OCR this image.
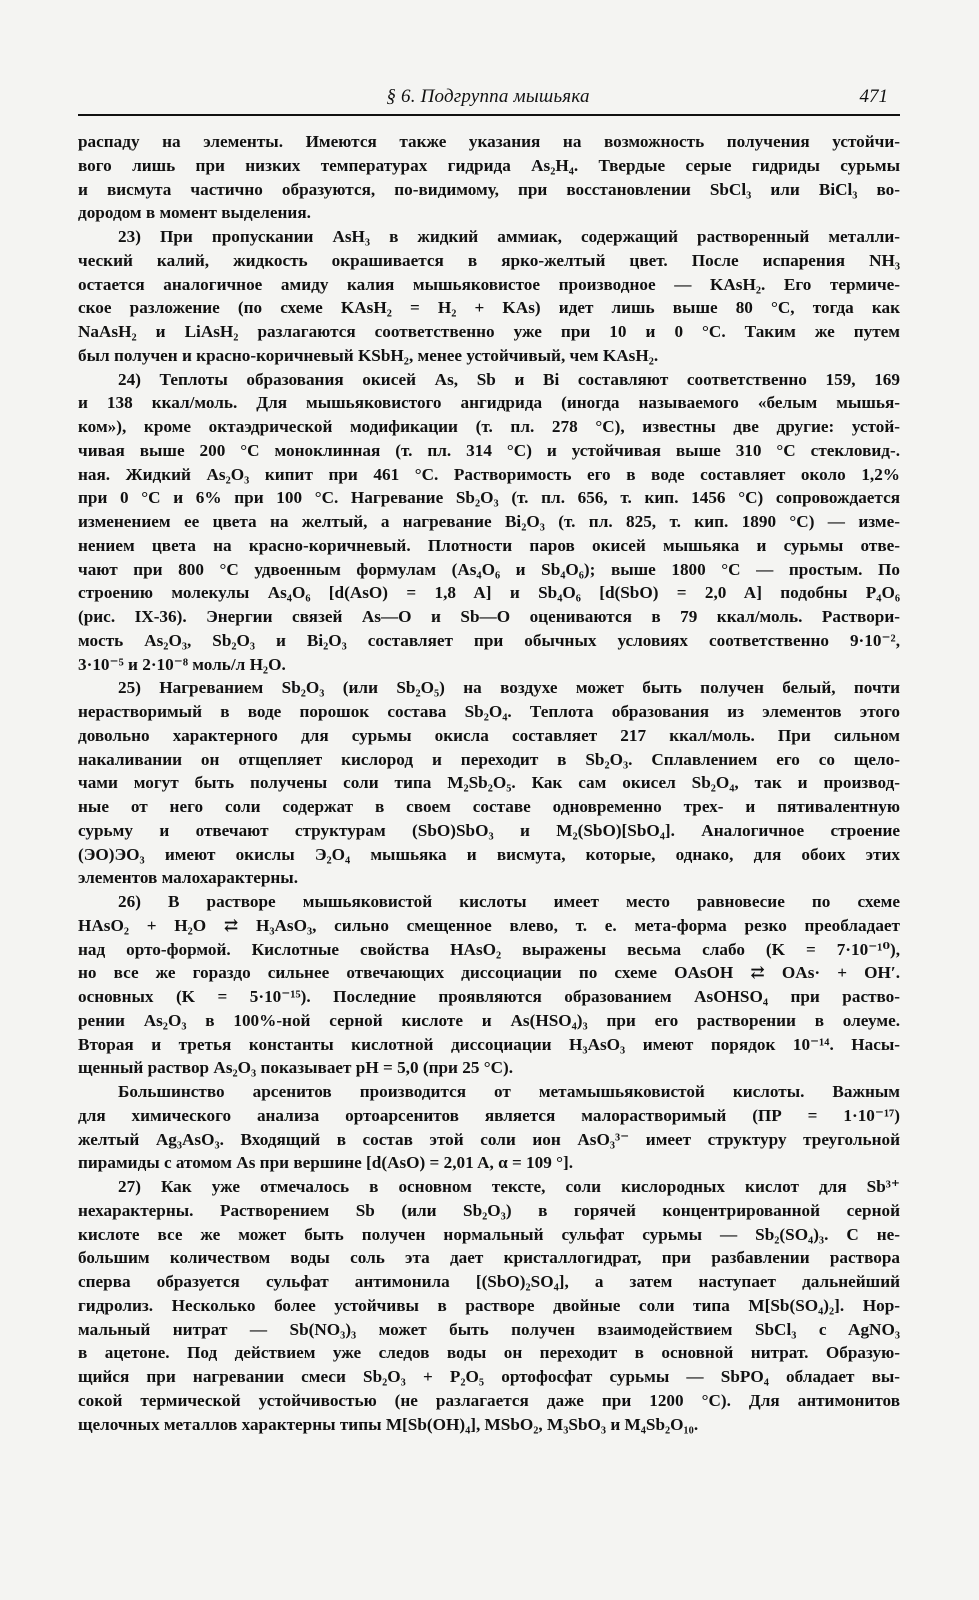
§ 6. Подгруппа мышьяка	471
распаду на элементы. Имеются также указания на возможность получения устойчи-
вого лишь при низких температурах гидрида As₂H₄. Твердые серые гидриды сурьмы
и висмута частично образуются, по-видимому, при восстановлении SbCl₃ или BiCl₃ во-
дородом в момент выделения.
23) При пропускании AsH₃ в жидкий аммиак, содержащий растворенный металли-
ческий калий, жидкость окрашивается в ярко-желтый цвет. После испарения NH₃
остается аналогичное амиду калия мышьяковистое производное — KAsH₂. Его термиче-
ское разложение (по схеме KAsH₂ = H₂ + KAs) идет лишь выше 80 °C, тогда как
NaAsH₂ и LiAsH₂ разлагаются соответственно уже при 10 и 0 °C. Таким же путем
был получен и красно-коричневый KSbH₂, менее устойчивый, чем KAsH₂.
24) Теплоты образования окисей As, Sb и Bi составляют соответственно 159, 169
и 138 ккал/моль. Для мышьяковистого ангидрида (иногда называемого «белым мышья-
ком»), кроме октаэдрической модификации (т. пл. 278 °C), известны две другие: устой-
чивая выше 200 °C моноклинная (т. пл. 314 °C) и устойчивая выше 310 °C стекловид-.
ная. Жидкий As₂O₃ кипит при 461 °C. Растворимость его в воде составляет около 1,2%
при 0 °C и 6% при 100 °C. Нагревание Sb₂O₃ (т. пл. 656, т. кип. 1456 °C) сопровождается
изменением ее цвета на желтый, а нагревание Bi₂O₃ (т. пл. 825, т. кип. 1890 °C) — изме-
нением цвета на красно-коричневый. Плотности паров окисей мышьяка и сурьмы отве-
чают при 800 °C удвоенным формулам (As₄O₆ и Sb₄O₆); выше 1800 °C — простым. По
строению молекулы As₄O₆ [d(AsO) = 1,8 A] и Sb₄O₆ [d(SbO) = 2,0 A] подобны P₄O₆
(рис. IX-36). Энергии связей As—O и Sb—O оцениваются в 79 ккал/моль. Раствори-
мость As₂O₃, Sb₂O₃ и Bi₂O₃ составляет при обычных условиях соответственно 9·10⁻²,
3·10⁻⁵ и 2·10⁻⁸ моль/л H₂O.
25) Нагреванием Sb₂O₃ (или Sb₂O₅) на воздухе может быть получен белый, почти
нерастворимый в воде порошок состава Sb₂O₄. Теплота образования из элементов этого
довольно характерного для сурьмы окисла составляет 217 ккал/моль. При сильном
накаливании он отщепляет кислород и переходит в Sb₂O₃. Сплавлением его со щело-
чами могут быть получены соли типа M₂Sb₂O₅. Как сам окисел Sb₂O₄, так и производ-
ные от него соли содержат в своем составе одновременно трех- и пятивалентную
сурьму и отвечают структурам (SbO)SbO₃ и M₂(SbO)[SbO₄]. Аналогичное строение
(ЭO)ЭO₃ имеют окислы Э₂O₄ мышьяка и висмута, которые, однако, для обоих этих
элементов малохарактерны.
26) В растворе мышьяковистой кислоты имеет место равновесие по схеме
HAsO₂ + H₂O ⇄ H₃AsO₃, сильно смещенное влево, т. е. мета-форма резко преобладает
над орто-формой. Кислотные свойства HAsO₂ выражены весьма слабо (K = 7·10⁻¹⁰),
но все же гораздо сильнее отвечающих диссоциации по схеме OAsOH ⇄ OAs· + OH′.
основных (K = 5·10⁻¹⁵). Последние проявляются образованием AsOHSO₄ при раство-
рении As₂O₃ в 100%-ной серной кислоте и As(HSO₄)₃ при его растворении в олеуме.
Вторая и третья константы кислотной диссоциации H₃AsO₃ имеют порядок 10⁻¹⁴. Насы-
щенный раствор As₂O₃ показывает pH = 5,0 (при 25 °C).
Большинство арсенитов производится от метамышьяковистой кислоты. Важным
для химического анализа ортоарсенитов является малорастворимый (ПР = 1·10⁻¹⁷)
желтый Ag₃AsO₃. Входящий в состав этой соли ион AsO₃³⁻ имеет структуру треугольной
пирамиды с атомом As при вершине [d(AsO) = 2,01 A, α = 109 °].
27) Как уже отмечалось в основном тексте, соли кислородных кислот для Sb³⁺
нехарактерны. Растворением Sb (или Sb₂O₃) в горячей концентрированной серной
кислоте все же может быть получен нормальный сульфат сурьмы — Sb₂(SO₄)₃. С не-
большим количеством воды соль эта дает кристаллогидрат, при разбавлении раствора
сперва образуется сульфат антимонила [(SbO)₂SO₄], а затем наступает дальнейший
гидролиз. Несколько более устойчивы в растворе двойные соли типа M[Sb(SO₄)₂]. Нор-
мальный нитрат — Sb(NO₃)₃ может быть получен взаимодействием SbCl₃ c AgNO₃
в ацетоне. Под действием уже следов воды он переходит в основной нитрат. Образую-
щийся при нагревании смеси Sb₂O₃ + P₂O₅ ортофосфат сурьмы — SbPO₄ обладает вы-
сокой термической устойчивостью (не разлагается даже при 1200 °C). Для антимонитов
щелочных металлов характерны типы M[Sb(OH)₄], MSbO₂, M₃SbO₃ и M₄Sb₂O₁₀.
